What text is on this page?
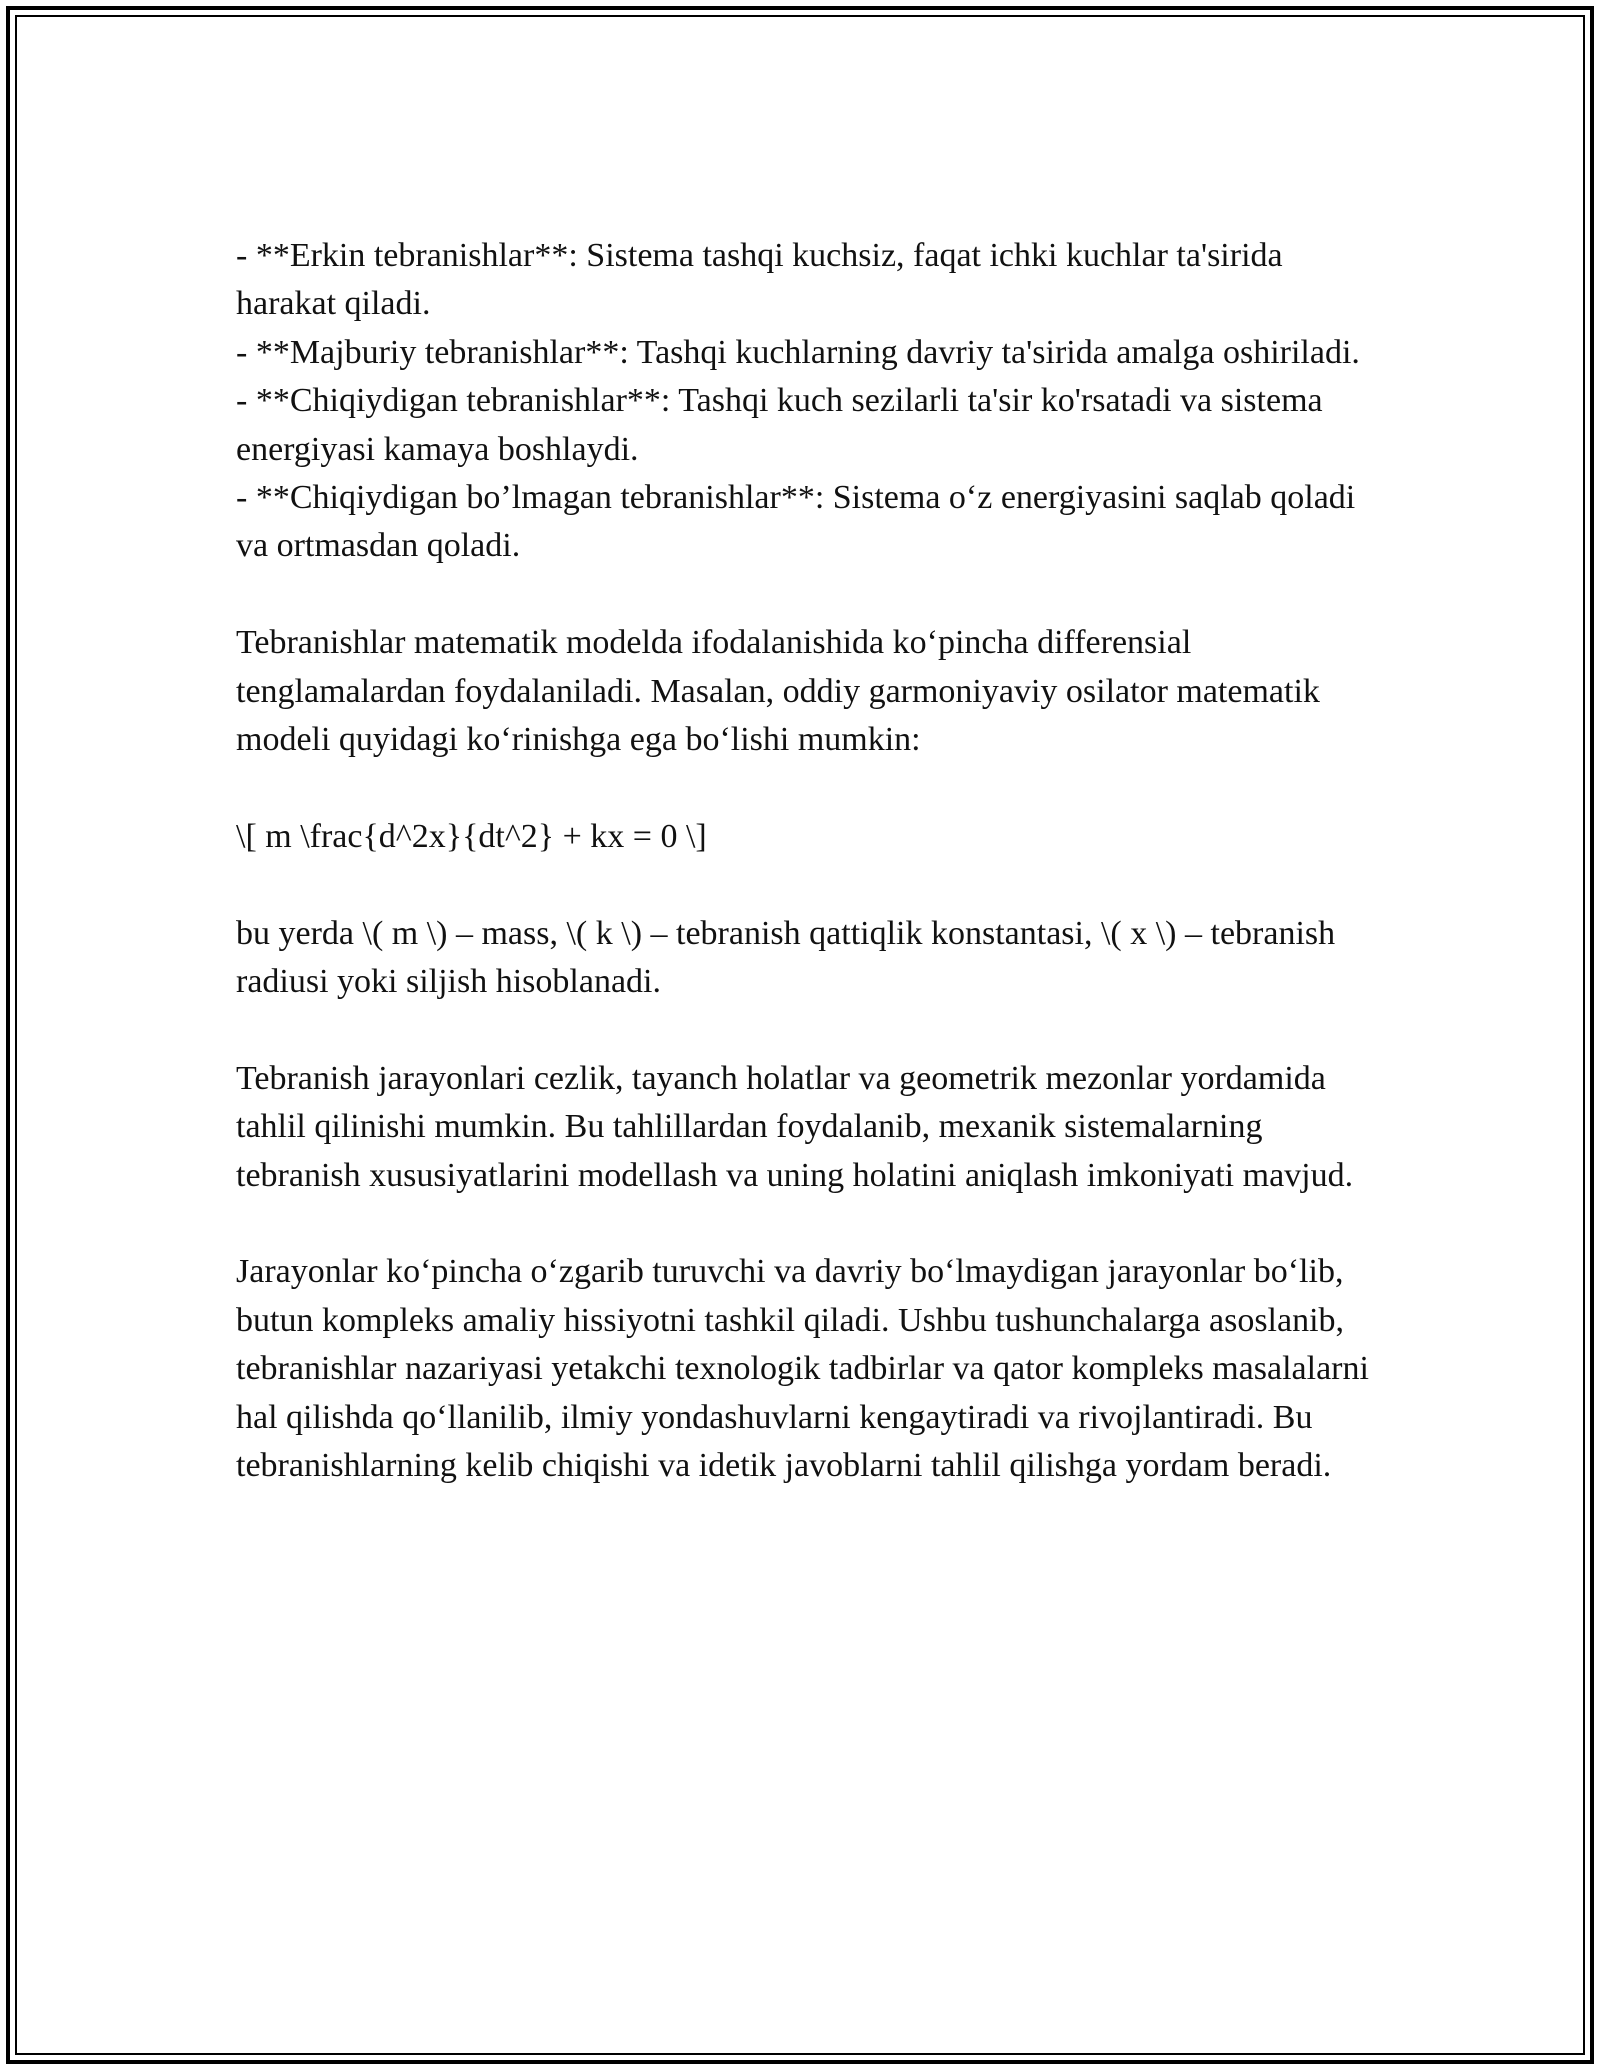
- **Erkin tebranishlar**: Sistema tashqi kuchsiz, faqat ichki kuchlar ta'sirida harakat qiladi.

- **Majburiy tebranishlar**: Tashqi kuchlarning davriy ta'sirida amalga oshiriladi.

- **Chiqiydigan tebranishlar**: Tashqi kuch sezilarli ta'sir ko'rsatadi va sistema energiyasi kamaya boshlaydi.

- **Chiqiydigan bo’lmagan tebranishlar**: Sistema o‘z energiyasini saqlab qoladi va ortmasdan qoladi.

Tebranishlar matematik modelda ifodalanishida ko‘pincha differensial tenglamalardan foydalaniladi. Masalan, oddiy garmoniyaviy osilator matematik modeli quyidagi ko‘rinishga ega bo‘lishi mumkin:

\[ m \frac{d^2x}{dt^2} + kx = 0 \]

bu yerda \( m \) – mass, \( k \) – tebranish qattiqlik konstantasi, \( x \) – tebranish radiusi yoki siljish hisoblanadi.

Tebranish jarayonlari cezlik, tayanch holatlar va geometrik mezonlar yordamida tahlil qilinishi mumkin. Bu tahlillardan foydalanib, mexanik sistemalarning tebranish xususiyatlarini modellash va uning holatini aniqlash imkoniyati mavjud.

Jarayonlar ko‘pincha o‘zgarib turuvchi va davriy bo‘lmaydigan jarayonlar bo‘lib, butun kompleks amaliy hissiyotni tashkil qiladi. Ushbu tushunchalarga asoslanib, tebranishlar nazariyasi yetakchi texnologik tadbirlar va qator kompleks masalalarni hal qilishda qo‘llanilib, ilmiy yondashuvlarni kengaytiradi va rivojlantiradi. Bu tebranishlarning kelib chiqishi va idetik javoblarni tahlil qilishga yordam beradi.
